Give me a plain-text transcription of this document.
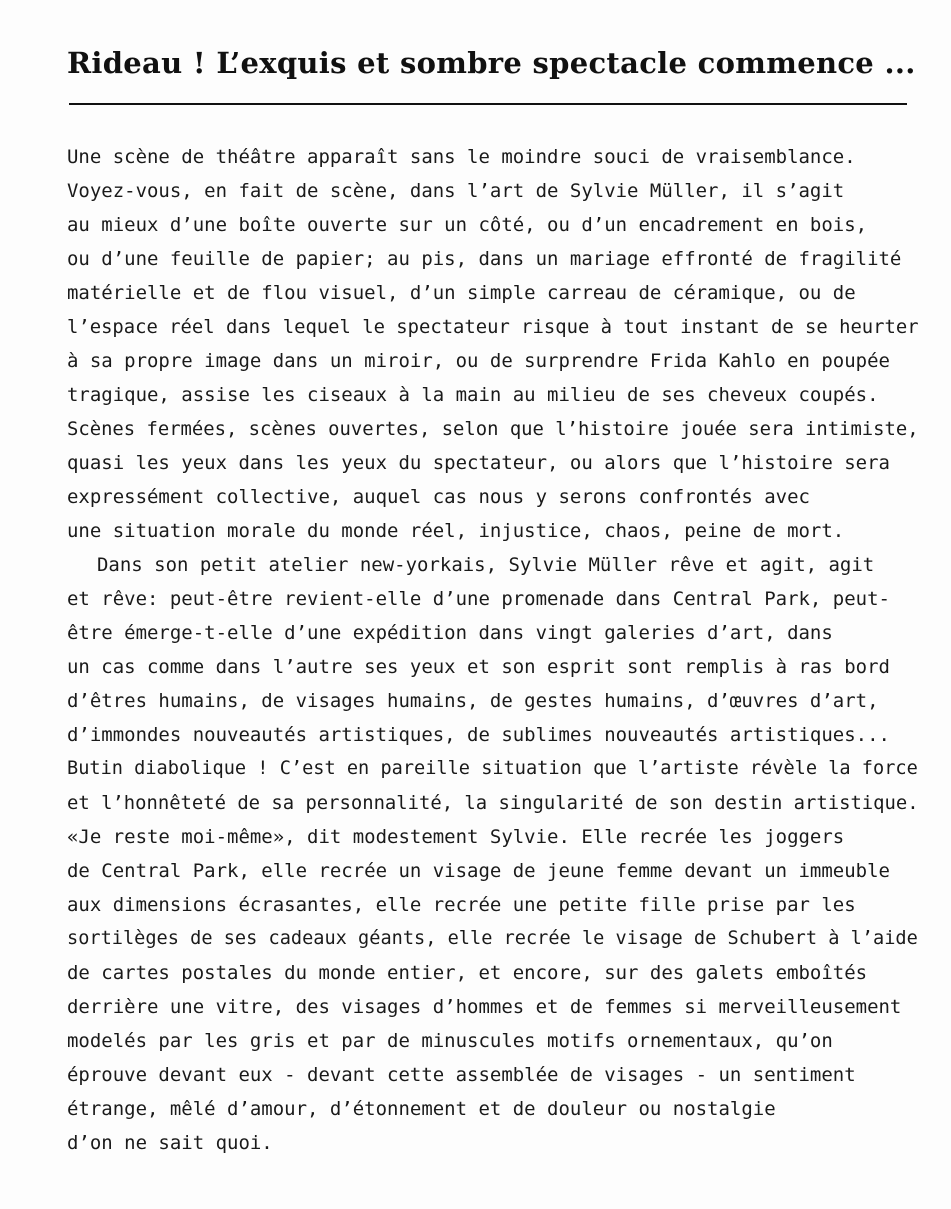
Rideau ! L’exquis et sombre spectacle commence ...
Une scène de théâtre apparaît sans le moindre souci de vraisemblance.
Voyez-vous, en fait de scène, dans l’art de Sylvie Müller, il s’agit
au mieux d’une boîte ouverte sur un côté, ou d’un encadrement en bois,
ou d’une feuille de papier; au pis, dans un mariage effronté de fragilité
matérielle et de flou visuel, d’un simple carreau de céramique, ou de
l’espace réel dans lequel le spectateur risque à tout instant de se heurter
à sa propre image dans un miroir, ou de surprendre Frida Kahlo en poupée
tragique, assise les ciseaux à la main au milieu de ses cheveux coupés.
Scènes fermées, scènes ouvertes, selon que l’histoire jouée sera intimiste,
quasi les yeux dans les yeux du spectateur, ou alors que l’histoire sera
expressément collective, auquel cas nous y serons confrontés avec
une situation morale du monde réel, injustice, chaos, peine de mort.
Dans son petit atelier new-yorkais, Sylvie Müller rêve et agit, agit
et rêve: peut-être revient-elle d’une promenade dans Central Park, peut-
être émerge-t-elle d’une expédition dans vingt galeries d’art, dans
un cas comme dans l’autre ses yeux et son esprit sont remplis à ras bord
d’êtres humains, de visages humains, de gestes humains, d’œuvres d’art,
d’immondes nouveautés artistiques, de sublimes nouveautés artistiques...
Butin diabolique ! C’est en pareille situation que l’artiste révèle la force
et l’honnêteté de sa personnalité, la singularité de son destin artistique.
«Je reste moi-même», dit modestement Sylvie. Elle recrée les joggers
de Central Park, elle recrée un visage de jeune femme devant un immeuble
aux dimensions écrasantes, elle recrée une petite fille prise par les
sortilèges de ses cadeaux géants, elle recrée le visage de Schubert à l’aide
de cartes postales du monde entier, et encore, sur des galets emboîtés
derrière une vitre, des visages d’hommes et de femmes si merveilleusement
modelés par les gris et par de minuscules motifs ornementaux, qu’on
éprouve devant eux - devant cette assemblée de visages - un sentiment
étrange, mêlé d’amour, d’étonnement et de douleur ou nostalgie
d’on ne sait quoi.
